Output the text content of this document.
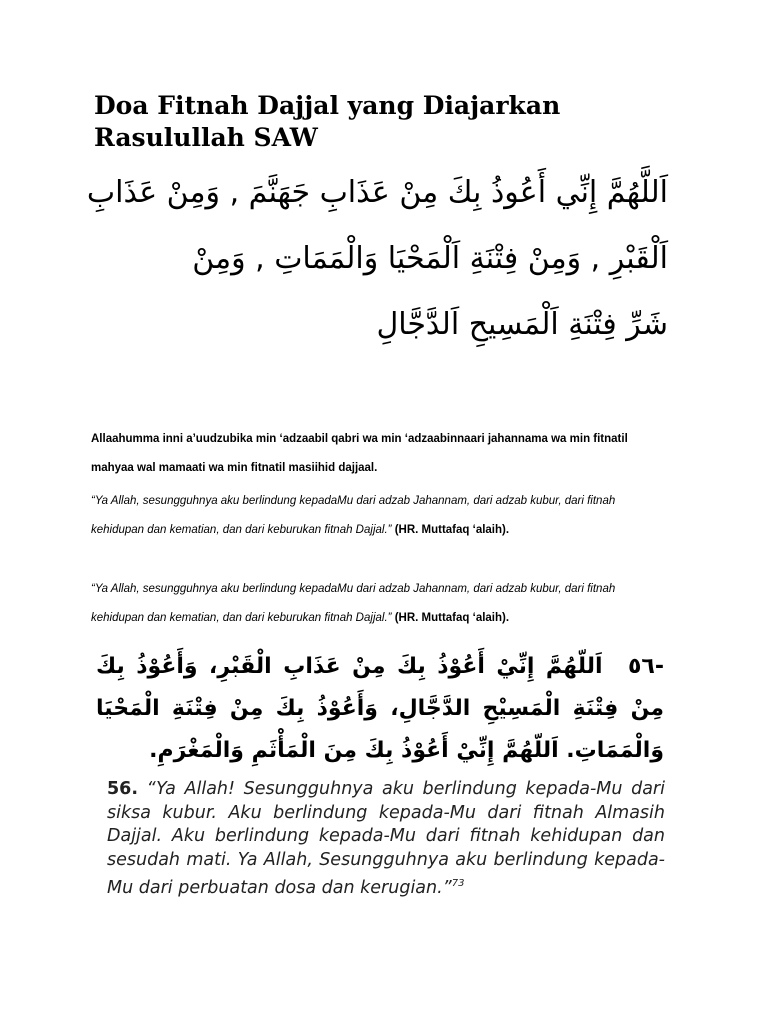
Doa Fitnah Dajjal yang Diajarkan Rasulullah SAW
اَللَّهُمَّ إِنِّي أَعُوذُ بِكَ مِنْ عَذَابِ جَهَنَّمَ , وَمِنْ عَذَابِ
اَلْقَبْرِ , وَمِنْ فِتْنَةِ اَلْمَحْيَا وَالْمَمَاتِ , وَمِنْ
شَرِّ فِتْنَةِ اَلْمَسِيحِ اَلدَّجَّالِ

Allaahumma inni a’uudzubika min ‘adzaabil qabri wa min ‘adzaabinnaari jahannama wa min fitnatil mahyaa wal mamaati wa min fitnatil masiihid dajjaal.

“Ya Allah, sesungguhnya aku berlindung kepadaMu dari adzab Jahannam, dari adzab kubur, dari fitnah kehidupan dan kematian, dan dari keburukan fitnah Dajjal.” (HR. Muttafaq ‘alaih).

“Ya Allah, sesungguhnya aku berlindung kepadaMu dari adzab Jahannam, dari adzab kubur, dari fitnah kehidupan dan kematian, dan dari keburukan fitnah Dajjal.” (HR. Muttafaq ‘alaih).

-٥٦ اَللّهُمَّ إِنِّيْ أَعُوْذُ بِكَ مِنْ عَذَابِ الْقَبْرِ، وَأَعُوْذُ بِكَ مِنْ فِتْنَةِ الْمَسِيْحِ الدَّجَّالِ، وَأَعُوْذُ بِكَ مِنْ فِتْنَةِ الْمَحْيَا وَالْمَمَاتِ. اَللّهُمَّ إِنِّيْ أَعُوْذُ بِكَ مِنَ الْمَأْثَمِ وَالْمَغْرَمِ.
56. “Ya Allah! Sesungguhnya aku berlindung kepada-Mu dari siksa kubur. Aku berlindung kepada-Mu dari fitnah Almasih Dajjal. Aku berlindung kepada-Mu dari fitnah kehidupan dan sesudah mati. Ya Allah, Sesungguhnya aku berlindung kepada-Mu dari perbuatan dosa dan kerugian.”$^{73}$
